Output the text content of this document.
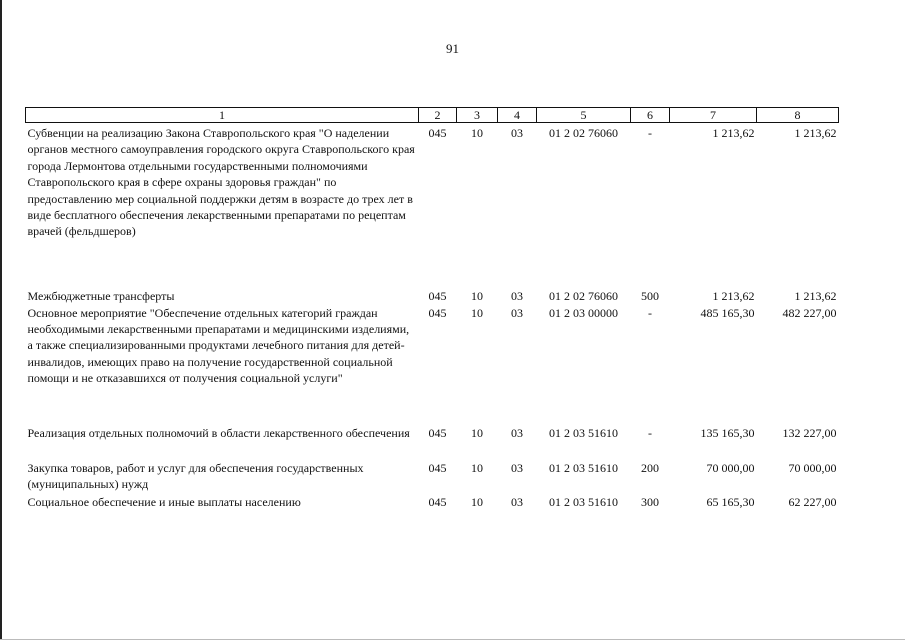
91
1	2	3	4	5	6	7	8
Субвенции на реализацию Закона Ставропольского края "О наделении органов местного самоуправления городского округа Ставропольского края города Лермонтова отдельными государственными полномочиями Ставропольского края в сфере охраны здоровья граждан" по предоставлению мер социальной поддержки детям в возрасте до трех лет в виде бесплатного обеспечения лекарственными препаратами по рецептам врачей (фельдшеров)	045	10	03	01 2 02 76060	-	1 213,62	1 213,62
Межбюджетные трансферты	045	10	03	01 2 02 76060	500	1 213,62	1 213,62
Основное мероприятие "Обеспечение отдельных категорий граждан необходимыми лекарственными препаратами и медицинскими изделиями, а также специализированными продуктами лечебного питания для детей-инвалидов, имеющих право на получение государственной социальной помощи и не отказавшихся от получения социальной услуги"	045	10	03	01 2 03 00000	-	485 165,30	482 227,00
Реализация отдельных полномочий в области лекарственного обеспечения	045	10	03	01 2 03 51610	-	135 165,30	132 227,00
Закупка товаров, работ и услуг для обеспечения государственных (муниципальных) нужд	045	10	03	01 2 03 51610	200	70 000,00	70 000,00
Социальное обеспечение и иные выплаты населению	045	10	03	01 2 03 51610	300	65 165,30	62 227,00
